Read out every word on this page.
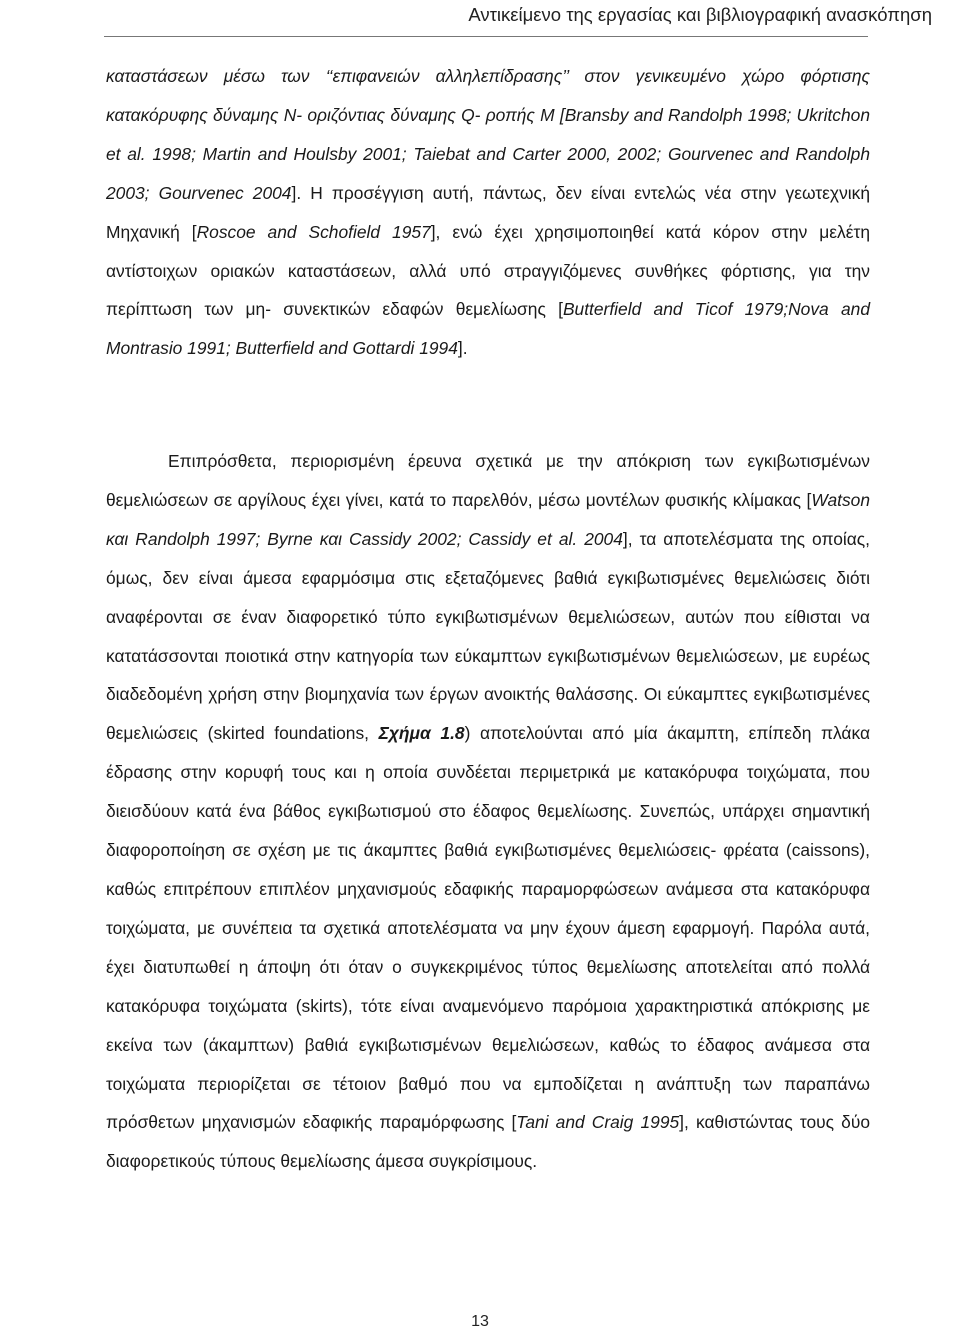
Αντικείμενο της εργασίας και βιβλιογραφική ανασκόπηση

καταστάσεων μέσω των ‘‘επιφανειών αλληλεπίδρασης’’ στον γενικευμένο χώρο φόρτισης κατακόρυφης δύναμης Ν- οριζόντιας δύναμης Q- ροπής Μ [Bransby and Randolph 1998; Ukritchon et al. 1998; Martin and Houlsby 2001; Taiebat and Carter 2000, 2002; Gourvenec and Randolph 2003; Gourvenec 2004]. Η προσέγγιση αυτή, πάντως, δεν είναι εντελώς νέα στην γεωτεχνική Μηχανική [Roscoe and Schofield 1957], ενώ έχει χρησιμοποιηθεί κατά κόρον στην μελέτη αντίστοιχων οριακών καταστάσεων, αλλά υπό στραγγιζόμενες συνθήκες φόρτισης, για την περίπτωση των μη- συνεκτικών εδαφών θεμελίωσης [Butterfield and Ticof 1979;Nova and Montrasio 1991; Butterfield and Gottardi 1994].

Επιπρόσθετα, περιορισμένη έρευνα σχετικά με την απόκριση των εγκιβωτισμένων θεμελιώσεων σε αργίλους έχει γίνει, κατά το παρελθόν, μέσω μοντέλων φυσικής κλίμακας [Watson και Randolph 1997; Byrne και Cassidy 2002; Cassidy et al. 2004], τα αποτελέσματα της οποίας, όμως, δεν είναι άμεσα εφαρμόσιμα στις εξεταζόμενες βαθιά εγκιβωτισμένες θεμελιώσεις διότι αναφέρονται σε έναν διαφορετικό τύπο εγκιβωτισμένων θεμελιώσεων, αυτών που είθισται να κατατάσσονται ποιοτικά στην κατηγορία των εύκαμπτων εγκιβωτισμένων θεμελιώσεων, με ευρέως διαδεδομένη χρήση στην βιομηχανία των έργων ανοικτής θαλάσσης. Οι εύκαμπτες εγκιβωτισμένες θεμελιώσεις (skirted foundations, Σχήμα 1.8) αποτελούνται από μία άκαμπτη, επίπεδη πλάκα έδρασης στην κορυφή τους και η οποία συνδέεται περιμετρικά με κατακόρυφα τοιχώματα, που διεισδύουν κατά ένα βάθος εγκιβωτισμού στο έδαφος θεμελίωσης. Συνεπώς, υπάρχει σημαντική διαφοροποίηση σε σχέση με τις άκαμπτες βαθιά εγκιβωτισμένες θεμελιώσεις- φρέατα (caissons), καθώς επιτρέπουν επιπλέον μηχανισμούς εδαφικής παραμορφώσεων ανάμεσα στα κατακόρυφα τοιχώματα, με συνέπεια τα σχετικά αποτελέσματα να μην έχουν άμεση εφαρμογή. Παρόλα αυτά, έχει διατυπωθεί η άποψη ότι όταν ο συγκεκριμένος τύπος θεμελίωσης αποτελείται από πολλά κατακόρυφα τοιχώματα (skirts), τότε είναι αναμενόμενο παρόμοια χαρακτηριστικά απόκρισης με εκείνα των (άκαμπτων) βαθιά εγκιβωτισμένων θεμελιώσεων, καθώς το έδαφος ανάμεσα στα τοιχώματα περιορίζεται σε τέτοιον βαθμό που να εμποδίζεται η ανάπτυξη των παραπάνω πρόσθετων μηχανισμών εδαφικής παραμόρφωσης [Tani and Craig 1995], καθιστώντας τους δύο διαφορετικούς τύπους θεμελίωσης άμεσα συγκρίσιμους.

13
